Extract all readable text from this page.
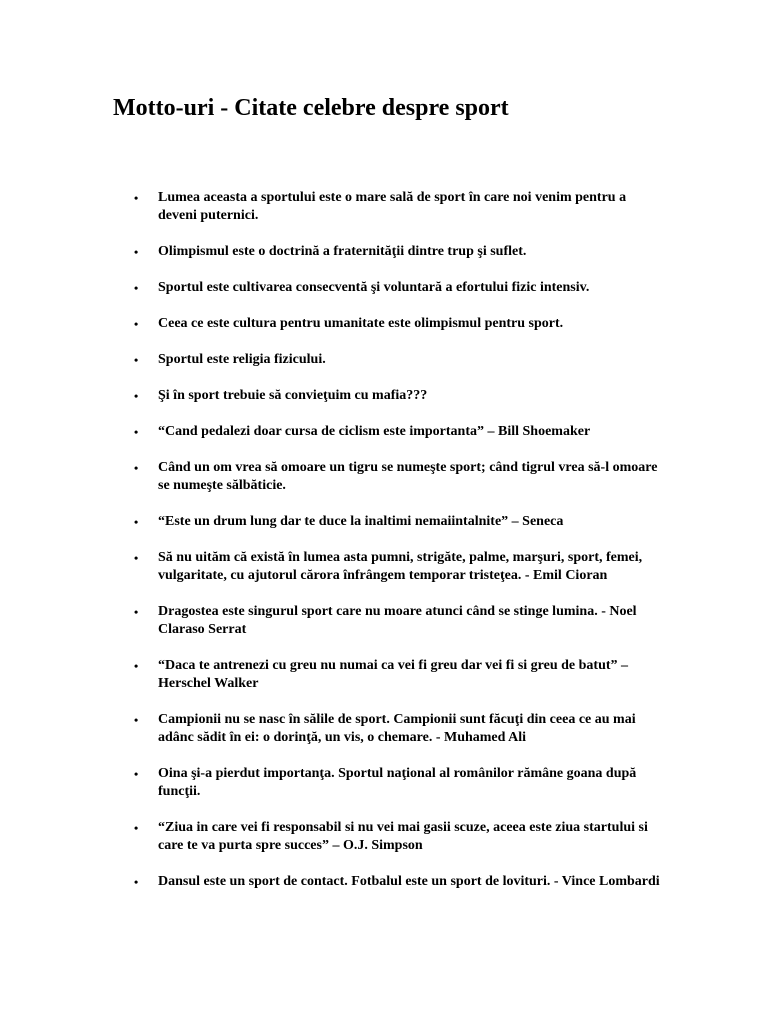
Motto-uri - Citate celebre despre sport
• Lumea aceasta a sportului este o mare sală de sport în care noi venim pentru a deveni puternici.
• Olimpismul este o doctrină a fraternităţii dintre trup şi suflet.
• Sportul este cultivarea consecventă şi voluntară a efortului fizic intensiv.
• Ceea ce este cultura pentru umanitate este olimpismul pentru sport.
• Sportul este religia fizicului.
• Şi în sport trebuie să convieţuim cu mafia???
• “Cand pedalezi doar cursa de ciclism este importanta” – Bill Shoemaker
• Când un om vrea să omoare un tigru se numeşte sport; când tigrul vrea să-l omoare se numeşte sălbăticie.
• “Este un drum lung dar te duce la inaltimi nemaiintalnite” – Seneca
• Să nu uităm că există în lumea asta pumni, strigăte, palme, marşuri, sport, femei, vulgaritate, cu ajutorul cărora înfrângem temporar tristeţea. - Emil Cioran
• Dragostea este singurul sport care nu moare atunci când se stinge lumina. - Noel Claraso Serrat
• “Daca te antrenezi cu greu nu numai ca vei fi greu dar vei fi si greu de batut” – Herschel Walker
• Campionii nu se nasc în sălile de sport. Campionii sunt făcuţi din ceea ce au mai adânc sădit în ei: o dorinţă, un vis, o chemare. - Muhamed Ali
• Oina şi-a pierdut importanţa. Sportul naţional al românilor rămâne goana după funcţii.
• “Ziua in care vei fi responsabil si nu vei mai gasii scuze, aceea este ziua startului si care te va purta spre succes” – O.J. Simpson
• Dansul este un sport de contact. Fotbalul este un sport de lovituri. - Vince Lombardi
